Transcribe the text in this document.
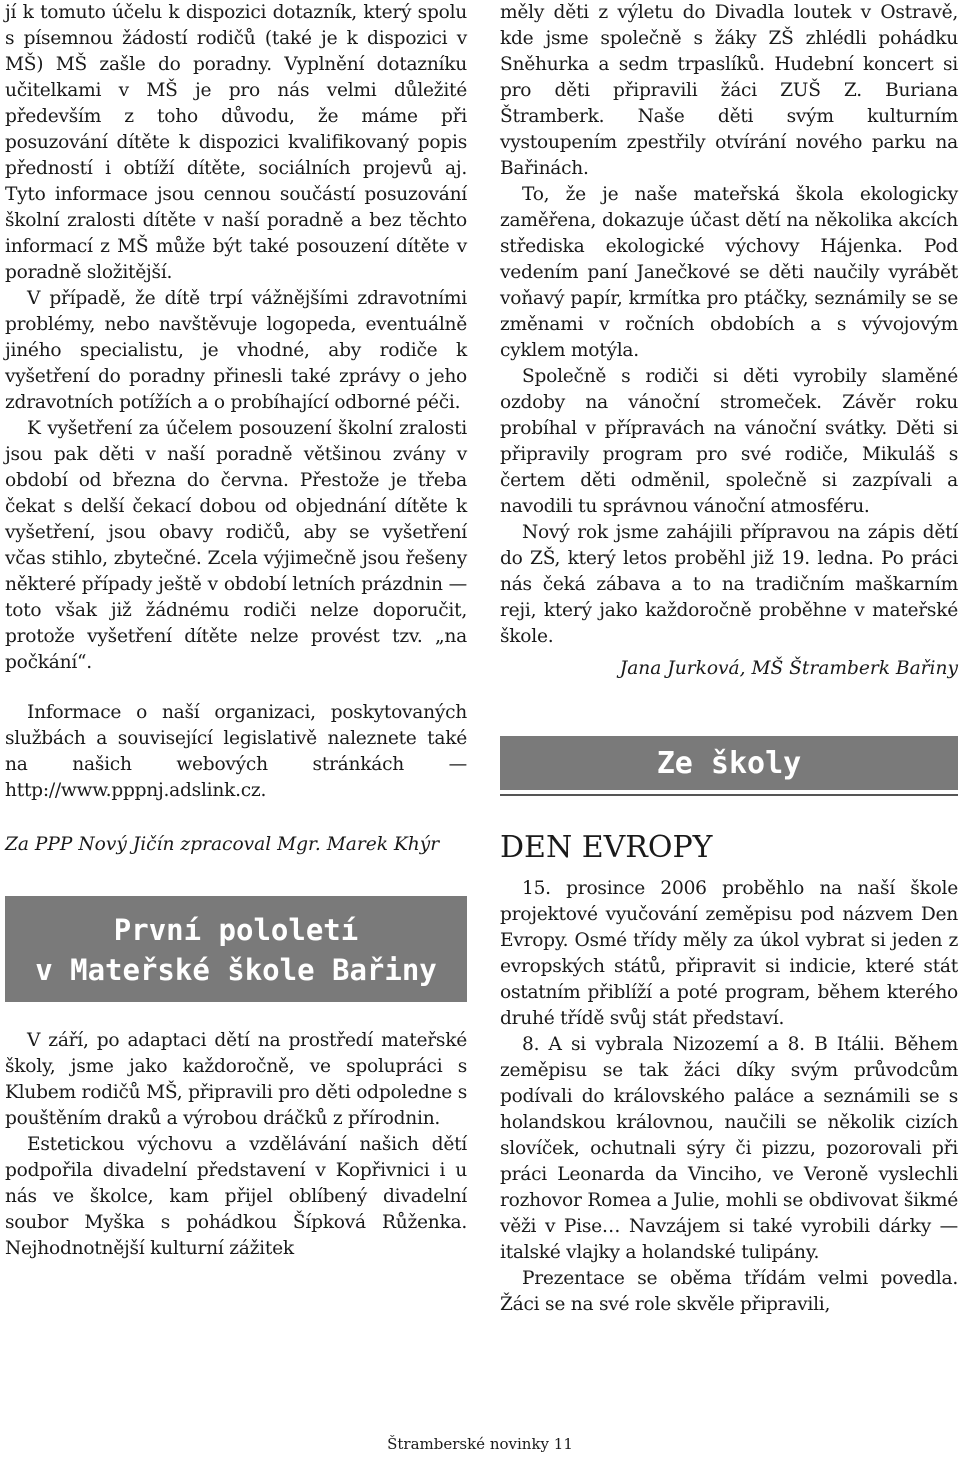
jí k tomuto účelu k dispozici dotazník, který spolu s písemnou žádostí rodičů (také je k dispozici v MŠ) MŠ zašle do poradny. Vyplnění dotazníku učitelkami v MŠ je pro nás velmi důležité především z toho důvodu, že máme při posuzování dítěte k dispozici kvalifikovaný popis předností i obtíží dítěte, sociálních projevů aj. Tyto informace jsou cennou součástí posuzování školní zralosti dítěte v naší poradně a bez těchto informací z MŠ může být také posouzení dítěte v poradně složitější.

V případě, že dítě trpí vážnějšími zdravotními problémy, nebo navštěvuje logopeda, eventuálně jiného specialistu, je vhodné, aby rodiče k vyšetření do poradny přinesli také zprávy o jeho zdravotních potížích a o probíhající odborné péči.

K vyšetření za účelem posouzení školní zralosti jsou pak děti v naší poradně většinou zvány v období od března do června. Přestože je třeba čekat s delší čekací dobou od objednání dítěte k vyšetření, jsou obavy rodičů, aby se vyšetření včas stihlo, zbytečné. Zcela výjimečně jsou řešeny některé případy ještě v období letních prázdnin — toto však již žádnému rodiči nelze doporučit, protože vyšetření dítěte nelze provést tzv. „na počkání“.

Informace o naší organizaci, poskytovaných službách a související legislativě naleznete také na našich webových stránkách — http://www.pppnj.adslink.cz.

Za PPP Nový Jičín zpracoval Mgr. Marek Khýr
První pololetí
v Mateřské škole Bařiny

V září, po adaptaci dětí na prostředí mateřské školy, jsme jako každoročně, ve spolupráci s Klubem rodičů MŠ, připravili pro děti odpoledne s pouštěním draků a výrobou dráčků z přírodnin.

Estetickou výchovu a vzdělávání našich dětí podpořila divadelní představení v Kopřivnici i u nás ve školce, kam přijel oblíbený divadelní soubor Myška s pohádkou Šípková Růženka. Nejhodnotnější kulturní zážitek

měly děti z výletu do Divadla loutek v Ostravě, kde jsme společně s žáky ZŠ zhlédli pohádku Sněhurka a sedm trpaslíků. Hudební koncert si pro děti připravili žáci ZUŠ Z. Buriana Štramberk. Naše děti svým kulturním vystoupením zpestřily otvírání nového parku na Bařinách.

To, že je naše mateřská škola ekologicky zaměřena, dokazuje účast dětí na několika akcích střediska ekologické výchovy Hájenka. Pod vedením paní Janečkové se děti naučily vyrábět voňavý papír, krmítka pro ptáčky, seznámily se se změnami v ročních obdobích a s vývojovým cyklem motýla.

Společně s rodiči si děti vyrobily slaměné ozdoby na vánoční stromeček. Závěr roku probíhal v přípravách na vánoční svátky. Děti si připravily program pro své rodiče, Mikuláš s čertem děti odměnil, společně si zazpívali a navodili tu správnou vánoční atmosféru.

Nový rok jsme zahájili přípravou na zápis dětí do ZŠ, který letos proběhl již 19. ledna. Po práci nás čeká zábava a to na tradičním maškarním reji, který jako každoročně proběhne v mateřské škole.

Jana Jurková, MŠ Štramberk Bařiny
Ze školy
DEN EVROPY

15. prosince 2006 proběhlo na naší škole projektové vyučování zeměpisu pod názvem Den Evropy. Osmé třídy měly za úkol vybrat si jeden z evropských států, připravit si indicie, které stát ostatním přiblíží a poté program, během kterého druhé třídě svůj stát představí.

8. A si vybrala Nizozemí a 8. B Itálii. Během zeměpisu se tak žáci díky svým průvodcům podívali do královského paláce a seznámili se s holandskou královnou, naučili se několik cizích slovíček, ochutnali sýry či pizzu, pozorovali při práci Leonarda da Vinciho, ve Veroně vyslechli rozhovor Romea a Julie, mohli se obdivovat šikmé věži v Pise… Navzájem si také vyrobili dárky — italské vlajky a holandské tulipány.

Prezentace se oběma třídám velmi povedla. Žáci se na své role skvěle připravili,

Štramberské novinky 11
